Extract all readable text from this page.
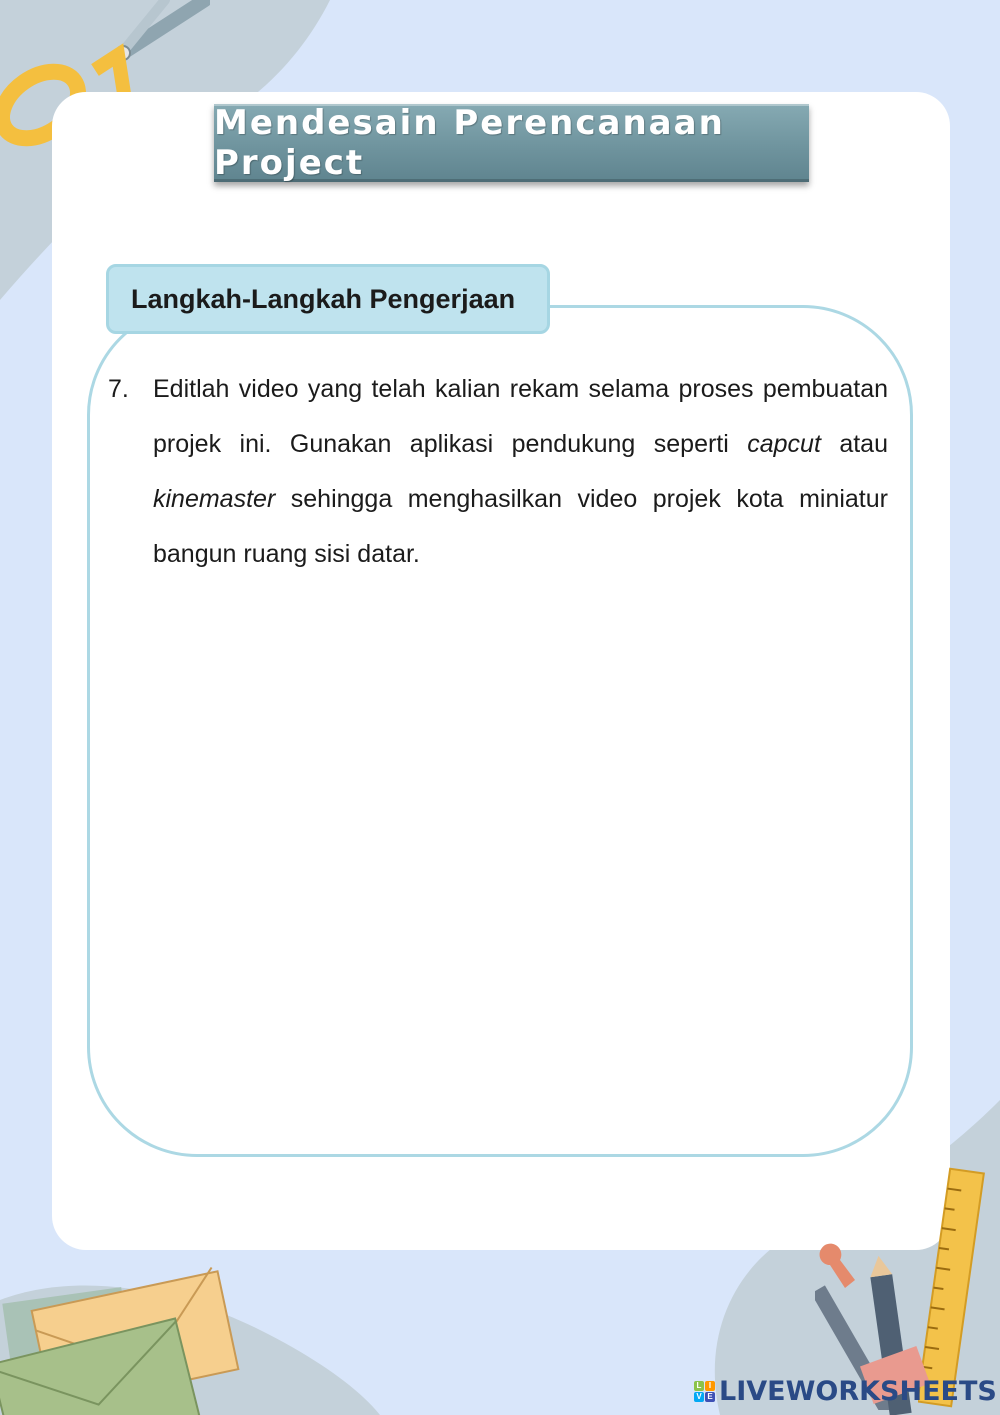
Mendesain Perencanaan Project
Langkah-Langkah Pengerjaan
7. Editlah video yang telah kalian rekam selama proses pembuatan projek ini. Gunakan aplikasi pendukung seperti capcut atau kinemaster sehingga menghasilkan video projek kota miniatur bangun ruang sisi datar.
L I
V E LIVEWORKSHEETS
